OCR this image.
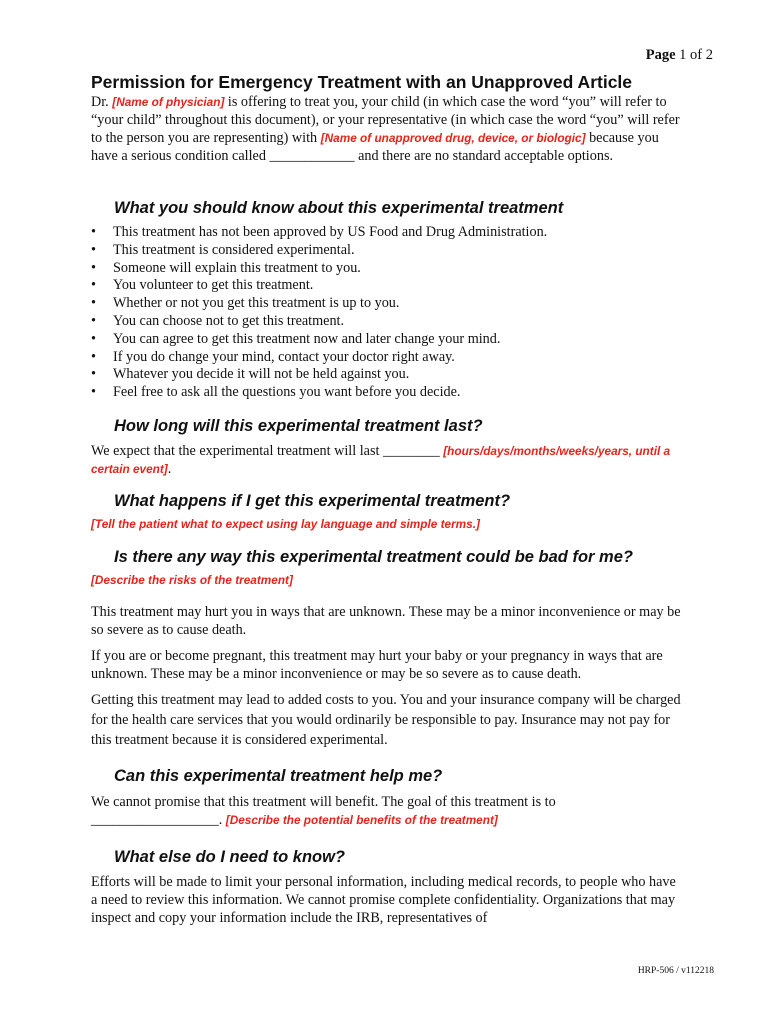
Page 1 of 2
Permission for Emergency Treatment with an Unapproved Article
Dr. [Name of physician] is offering to treat you, your child (in which case the word “you” will refer to “your child” throughout this document), or your representative (in which case the word “you” will refer to the person you are representing) with [Name of unapproved drug, device, or biologic] because you have a serious condition called ____________ and there are no standard acceptable options.
What you should know about this experimental treatment
• This treatment has not been approved by US Food and Drug Administration.
• This treatment is considered experimental.
• Someone will explain this treatment to you.
• You volunteer to get this treatment.
• Whether or not you get this treatment is up to you.
• You can choose not to get this treatment.
• You can agree to get this treatment now and later change your mind.
• If you do change your mind, contact your doctor right away.
• Whatever you decide it will not be held against you.
• Feel free to ask all the questions you want before you decide.
How long will this experimental treatment last?
We expect that the experimental treatment will last ________ [hours/days/months/weeks/years, until a certain event].
What happens if I get this experimental treatment?
[Tell the patient what to expect using lay language and simple terms.]
Is there any way this experimental treatment could be bad for me?
[Describe the risks of the treatment]
This treatment may hurt you in ways that are unknown. These may be a minor inconvenience or may be so severe as to cause death.
If you are or become pregnant, this treatment may hurt your baby or your pregnancy in ways that are unknown. These may be a minor inconvenience or may be so severe as to cause death.
Getting this treatment may lead to added costs to you. You and your insurance company will be charged for the health care services that you would ordinarily be responsible to pay. Insurance may not pay for this treatment because it is considered experimental.
Can this experimental treatment help me?
We cannot promise that this treatment will benefit. The goal of this treatment is to __________________. [Describe the potential benefits of the treatment]
What else do I need to know?
Efforts will be made to limit your personal information, including medical records, to people who have a need to review this information. We cannot promise complete confidentiality. Organizations that may inspect and copy your information include the IRB, representatives of
HRP-506 / v112218
